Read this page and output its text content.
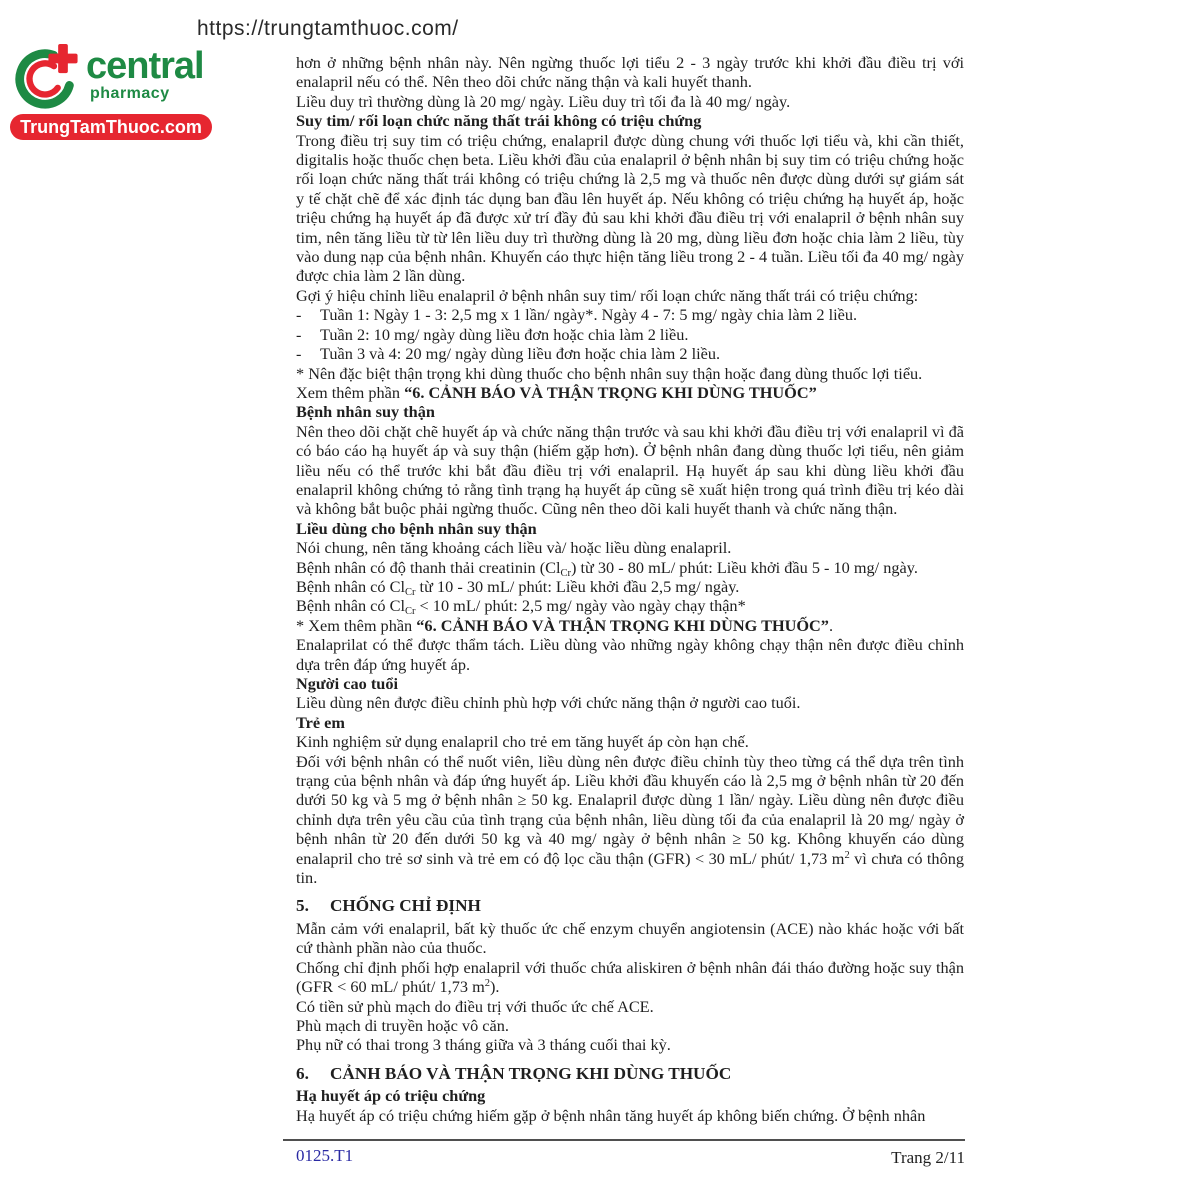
https://trungtamthuoc.com/
central
pharmacy
TrungTamThuoc.com
hơn ở những bệnh nhân này. Nên ngừng thuốc lợi tiểu 2 - 3 ngày trước khi khởi đầu điều trị với enalapril nếu có thể. Nên theo dõi chức năng thận và kali huyết thanh.
Liều duy trì thường dùng là 20 mg/ ngày. Liều duy trì tối đa là 40 mg/ ngày.
Suy tim/ rối loạn chức năng thất trái không có triệu chứng
Trong điều trị suy tim có triệu chứng, enalapril được dùng chung với thuốc lợi tiểu và, khi cần thiết, digitalis hoặc thuốc chẹn beta. Liều khởi đầu của enalapril ở bệnh nhân bị suy tim có triệu chứng hoặc rối loạn chức năng thất trái không có triệu chứng là 2,5 mg và thuốc nên được dùng dưới sự giám sát y tế chặt chẽ để xác định tác dụng ban đầu lên huyết áp. Nếu không có triệu chứng hạ huyết áp, hoặc triệu chứng hạ huyết áp đã được xử trí đầy đủ sau khi khởi đầu điều trị với enalapril ở bệnh nhân suy tim, nên tăng liều từ từ lên liều duy trì thường dùng là 20 mg, dùng liều đơn hoặc chia làm 2 liều, tùy vào dung nạp của bệnh nhân. Khuyến cáo thực hiện tăng liều trong 2 - 4 tuần. Liều tối đa 40 mg/ ngày được chia làm 2 lần dùng.
Gợi ý hiệu chỉnh liều enalapril ở bệnh nhân suy tim/ rối loạn chức năng thất trái có triệu chứng:
- Tuần 1: Ngày 1 - 3: 2,5 mg x 1 lần/ ngày*. Ngày 4 - 7: 5 mg/ ngày chia làm 2 liều.
- Tuần 2: 10 mg/ ngày dùng liều đơn hoặc chia làm 2 liều.
- Tuần 3 và 4: 20 mg/ ngày dùng liều đơn hoặc chia làm 2 liều.
* Nên đặc biệt thận trọng khi dùng thuốc cho bệnh nhân suy thận hoặc đang dùng thuốc lợi tiểu.
Xem thêm phần “6. CẢNH BÁO VÀ THẬN TRỌNG KHI DÙNG THUỐC”
Bệnh nhân suy thận
Nên theo dõi chặt chẽ huyết áp và chức năng thận trước và sau khi khởi đầu điều trị với enalapril vì đã có báo cáo hạ huyết áp và suy thận (hiếm gặp hơn). Ở bệnh nhân đang dùng thuốc lợi tiểu, nên giảm liều nếu có thể trước khi bắt đầu điều trị với enalapril. Hạ huyết áp sau khi dùng liều khởi đầu enalapril không chứng tỏ rằng tình trạng hạ huyết áp cũng sẽ xuất hiện trong quá trình điều trị kéo dài và không bắt buộc phải ngừng thuốc. Cũng nên theo dõi kali huyết thanh và chức năng thận.
Liều dùng cho bệnh nhân suy thận
Nói chung, nên tăng khoảng cách liều và/ hoặc liều dùng enalapril.
Bệnh nhân có độ thanh thải creatinin $(Cl_{Cr})$ từ 30 - 80 mL/ phút: Liều khởi đầu 5 - 10 mg/ ngày.
Bệnh nhân có $Cl_{Cr}$ từ 10 - 30 mL/ phút: Liều khởi đầu 2,5 mg/ ngày.
Bệnh nhân có $Cl_{Cr} < 10$ mL/ phút: 2,5 mg/ ngày vào ngày chạy thận*
* Xem thêm phần “6. CẢNH BÁO VÀ THẬN TRỌNG KHI DÙNG THUỐC”.
Enalaprilat có thể được thẩm tách. Liều dùng vào những ngày không chạy thận nên được điều chỉnh dựa trên đáp ứng huyết áp.
Người cao tuổi
Liều dùng nên được điều chỉnh phù hợp với chức năng thận ở người cao tuổi.
Trẻ em
Kinh nghiệm sử dụng enalapril cho trẻ em tăng huyết áp còn hạn chế.
Đối với bệnh nhân có thể nuốt viên, liều dùng nên được điều chỉnh tùy theo từng cá thể dựa trên tình trạng của bệnh nhân và đáp ứng huyết áp. Liều khởi đầu khuyến cáo là 2,5 mg ở bệnh nhân từ 20 đến dưới 50 kg và 5 mg ở bệnh nhân ≥ 50 kg. Enalapril được dùng 1 lần/ ngày. Liều dùng nên được điều chỉnh dựa trên yêu cầu của tình trạng của bệnh nhân, liều dùng tối đa của enalapril là 20 mg/ ngày ở bệnh nhân từ 20 đến dưới 50 kg và 40 mg/ ngày ở bệnh nhân ≥ 50 kg. Không khuyến cáo dùng enalapril cho trẻ sơ sinh và trẻ em có độ lọc cầu thận (GFR) < 30 mL/ phút/ 1,73 $m^2$ vì chưa có thông tin.
5. CHỐNG CHỈ ĐỊNH
Mẫn cảm với enalapril, bất kỳ thuốc ức chế enzym chuyển angiotensin (ACE) nào khác hoặc với bất cứ thành phần nào của thuốc.
Chống chỉ định phối hợp enalapril với thuốc chứa aliskiren ở bệnh nhân đái tháo đường hoặc suy thận (GFR < 60 mL/ phút/ 1,73 $m^2$).
Có tiền sử phù mạch do điều trị với thuốc ức chế ACE.
Phù mạch di truyền hoặc vô căn.
Phụ nữ có thai trong 3 tháng giữa và 3 tháng cuối thai kỳ.
6. CẢNH BÁO VÀ THẬN TRỌNG KHI DÙNG THUỐC
Hạ huyết áp có triệu chứng
Hạ huyết áp có triệu chứng hiếm gặp ở bệnh nhân tăng huyết áp không biến chứng. Ở bệnh nhân
0125.T1	Trang 2/11
